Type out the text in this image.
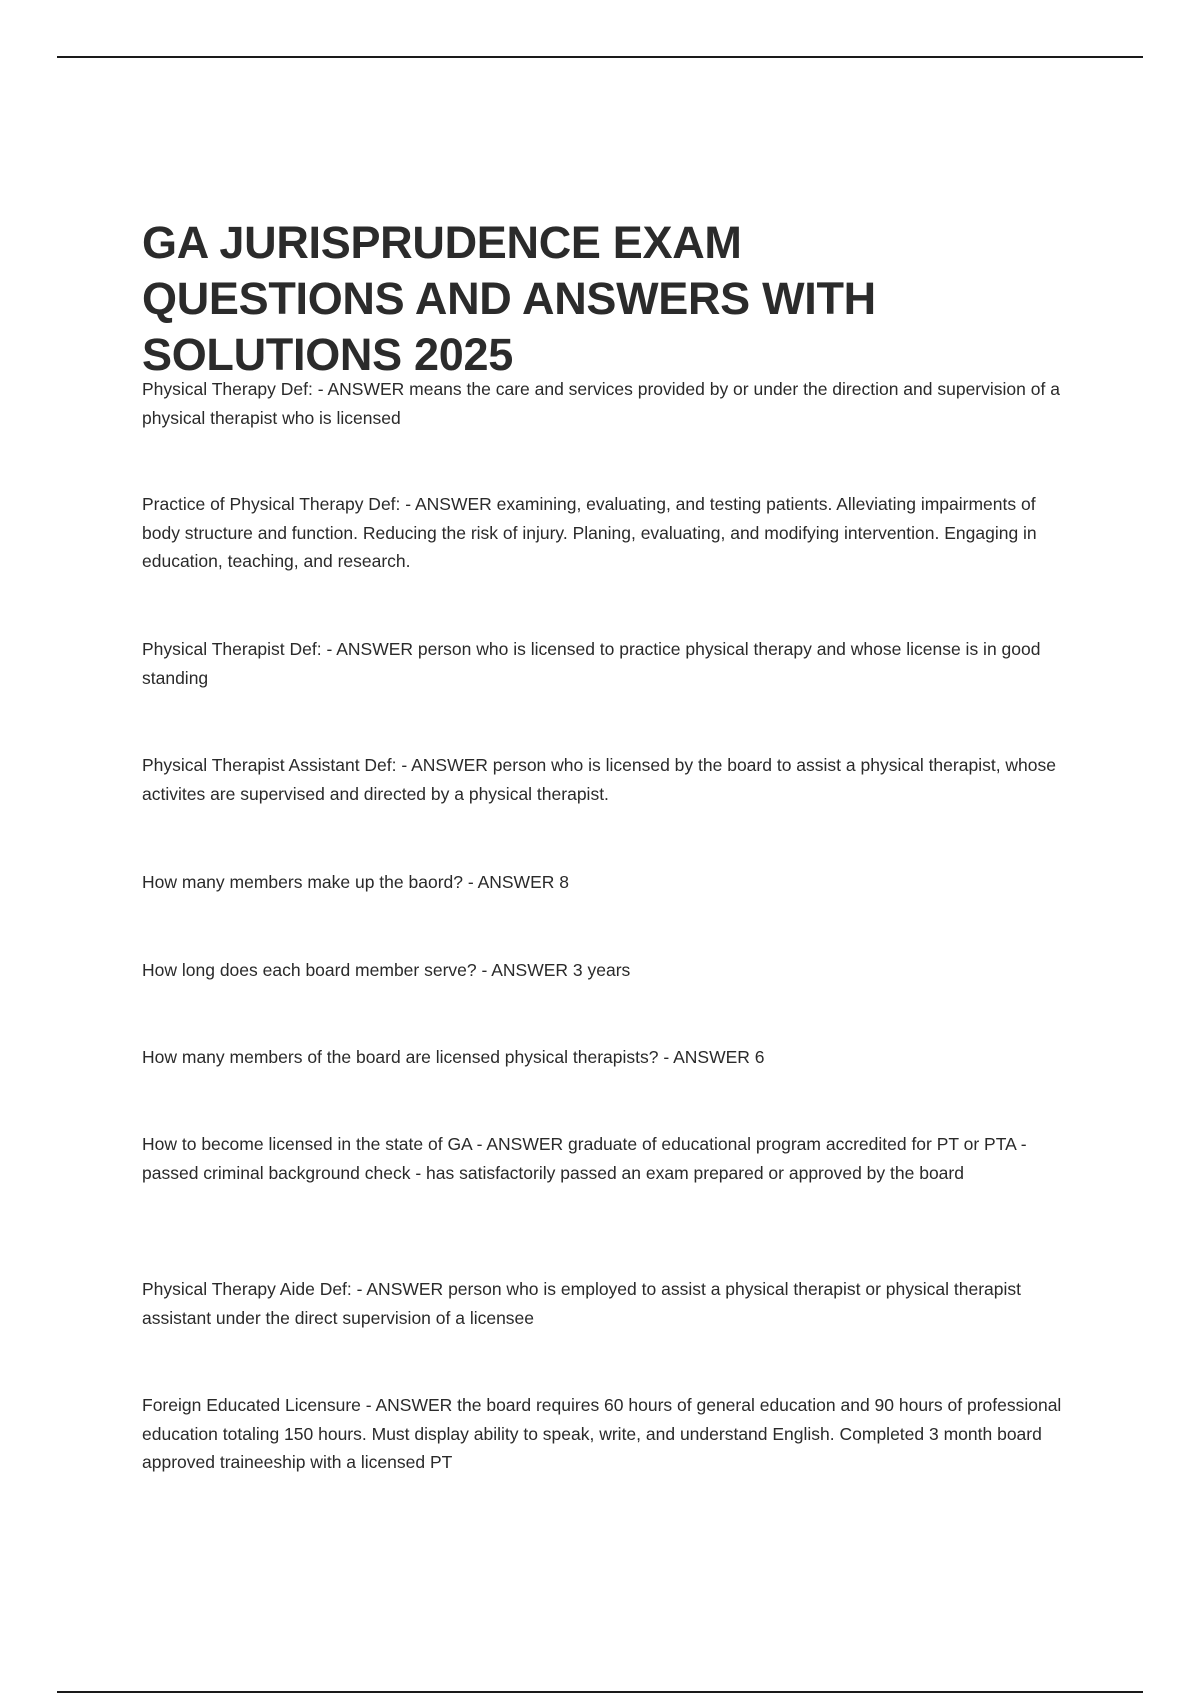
GA JURISPRUDENCE EXAM
QUESTIONS AND ANSWERS WITH
SOLUTIONS 2025

Physical Therapy Def: - ANSWER means the care and services provided by or under the direction and supervision of a physical therapist who is licensed

Practice of Physical Therapy Def: - ANSWER examining, evaluating, and testing patients. Alleviating impairments of body structure and function. Reducing the risk of injury. Planing, evaluating, and modifying intervention. Engaging in education, teaching, and research.

Physical Therapist Def: - ANSWER person who is licensed to practice physical therapy and whose license is in good standing

Physical Therapist Assistant Def: - ANSWER person who is licensed by the board to assist a physical therapist, whose activites are supervised and directed by a physical therapist.

How many members make up the baord? - ANSWER 8

How long does each board member serve? - ANSWER 3 years

How many members of the board are licensed physical therapists? - ANSWER 6

How to become licensed in the state of GA - ANSWER graduate of educational program accredited for PT or PTA - passed criminal background check - has satisfactorily passed an exam prepared or approved by the board

Physical Therapy Aide Def: - ANSWER person who is employed to assist a physical therapist or physical therapist assistant under the direct supervision of a licensee

Foreign Educated Licensure - ANSWER the board requires 60 hours of general education and 90 hours of professional education totaling 150 hours. Must display ability to speak, write, and understand English. Completed 3 month board approved traineeship with a licensed PT
